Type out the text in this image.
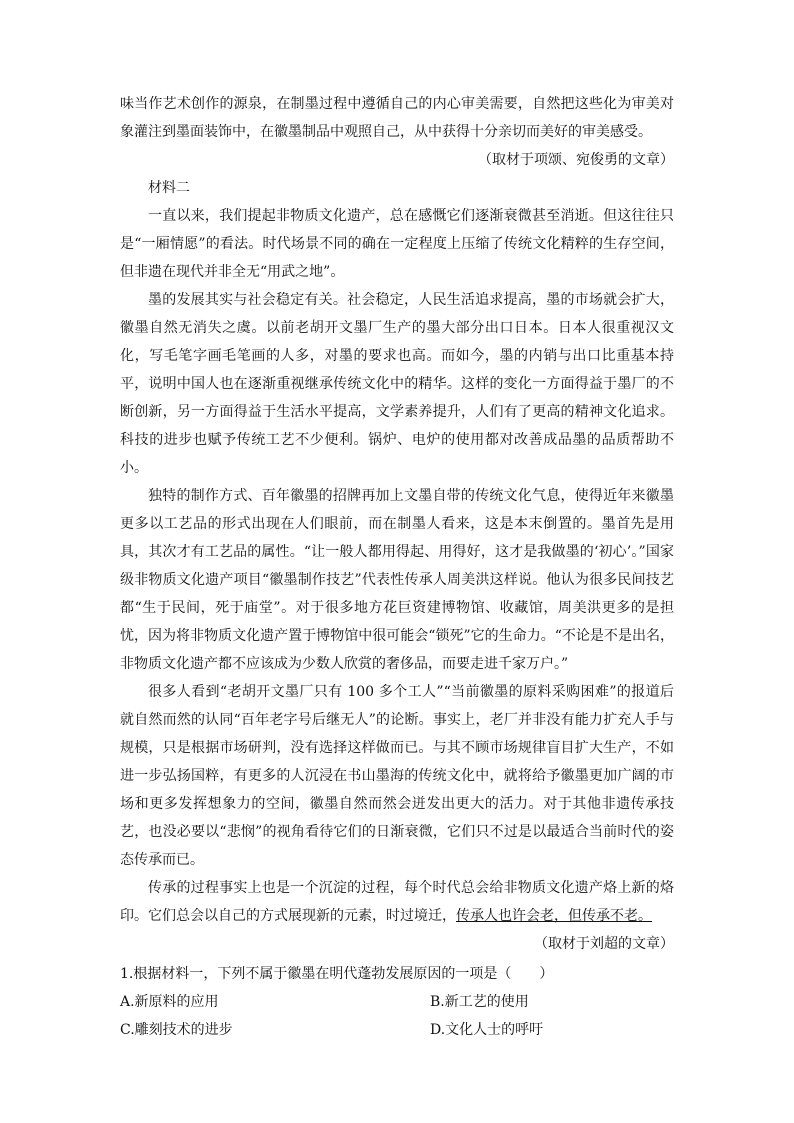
味当作艺术创作的源泉，在制墨过程中遵循自己的内心审美需要，自然把这些化为审美对象灌注到墨面装饰中，在徽墨制品中观照自己，从中获得十分亲切而美好的审美感受。

（取材于项颂、宛俊勇的文章）

材料二

一直以来，我们提起非物质文化遗产，总在感慨它们逐渐衰微甚至消逝。但这往往只是“一厢情愿”的看法。时代场景不同的确在一定程度上压缩了传统文化精粹的生存空间，但非遗在现代并非全无“用武之地”。

墨的发展其实与社会稳定有关。社会稳定，人民生活追求提高，墨的市场就会扩大，徽墨自然无消失之虞。以前老胡开文墨厂生产的墨大部分出口日本。日本人很重视汉文化，写毛笔字画毛笔画的人多，对墨的要求也高。而如今，墨的内销与出口比重基本持平，说明中国人也在逐渐重视继承传统文化中的精华。这样的变化一方面得益于墨厂的不断创新，另一方面得益于生活水平提高，文学素养提升，人们有了更高的精神文化追求。科技的进步也赋予传统工艺不少便利。锅炉、电炉的使用都对改善成品墨的品质帮助不小。

独特的制作方式、百年徽墨的招牌再加上文墨自带的传统文化气息，使得近年来徽墨更多以工艺品的形式出现在人们眼前，而在制墨人看来，这是本末倒置的。墨首先是用具，其次才有工艺品的属性。“让一般人都用得起、用得好，这才是我做墨的‘初心’。”国家级非物质文化遗产项目“徽墨制作技艺”代表性传承人周美洪这样说。他认为很多民间技艺都“生于民间，死于庙堂”。对于很多地方花巨资建博物馆、收藏馆，周美洪更多的是担忧，因为将非物质文化遗产置于博物馆中很可能会“锁死”它的生命力。“不论是不是出名，非物质文化遗产都不应该成为少数人欣赏的奢侈品，而要走进千家万户。”

很多人看到“老胡开文墨厂只有 100 多个工人”“当前徽墨的原料采购困难”的报道后就自然而然的认同“百年老字号后继无人”的论断。事实上，老厂并非没有能力扩充人手与规模，只是根据市场研判，没有选择这样做而已。与其不顾市场规律盲目扩大生产，不如进一步弘扬国粹，有更多的人沉浸在书山墨海的传统文化中，就将给予徽墨更加广阔的市场和更多发挥想象力的空间，徽墨自然而然会迸发出更大的活力。对于其他非遗传承技艺，也没必要以“悲悯”的视角看待它们的日渐衰微，它们只不过是以最适合当前时代的姿态传承而已。

传承的过程事实上也是一个沉淀的过程，每个时代总会给非物质文化遗产烙上新的烙印。它们总会以自己的方式展现新的元素，时过境迁，传承人也许会老，但传承不老。

（取材于刘超的文章）

1.根据材料一，下列不属于徽墨在明代蓬勃发展原因的一项是（　　）

A.新原料的应用	B.新工艺的使用
C.雕刻技术的进步	D.文化人士的呼吁
